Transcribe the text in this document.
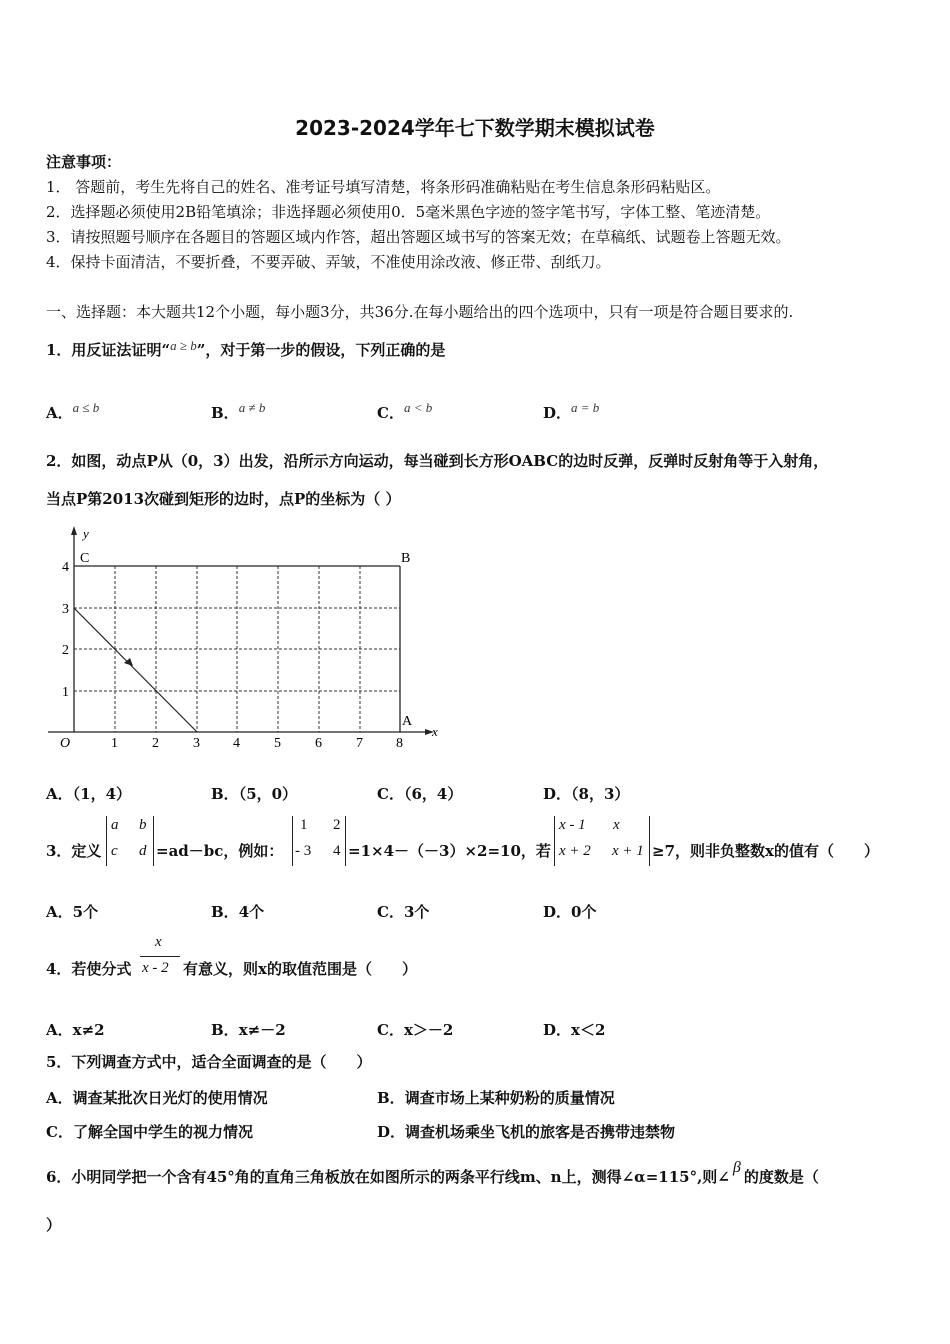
2023-2024学年七下数学期末模拟试卷
注意事项：
1． 答题前，考生先将自己的姓名、准考证号填写清楚，将条形码准确粘贴在考生信息条形码粘贴区。
2．选择题必须使用2B铅笔填涂；非选择题必须使用0．5毫米黑色字迹的签字笔书写，字体工整、笔迹清楚。
3．请按照题号顺序在各题目的答题区域内作答，超出答题区域书写的答案无效；在草稿纸、试题卷上答题无效。
4．保持卡面清洁，不要折叠，不要弄破、弄皱，不准使用涂改液、修正带、刮纸刀。
一、选择题：本大题共12个小题，每小题3分，共36分.在每小题给出的四个选项中，只有一项是符合题目要求的.
1．用反证法证明“a ≥ b”，对于第一步的假设，下列正确的是
A．a ≤ b	B．a ≠ b	C．a < b	D．a = b
2．如图，动点P从（0，3）出发，沿所示方向运动，每当碰到长方形OABC的边时反弹，反弹时反射角等于入射角，
当点P第2013次碰到矩形的边时，点P的坐标为（ ）
y
x
O
C	B
A
1 2 3 4 5 6 7 8
1
2
3
4
A．（1，4）	B．（5，0）	C．（6，4）	D．（8，3）
3．定义
a b
c d =ad－bc，例如：
1 2
- 3 4 =1×4－（－3）×2=10，若
x - 1 x
x + 2 x + 1 ≥7，则非负整数x的值有（　　）
A．5个	B．4个	C．3个	D．0个
4．若使分式
x
x - 2 有意义，则x的取值范围是（　　）
A．x≠2	B．x≠－2	C．x＞－2	D．x＜2
5．下列调查方式中，适合全面调查的是（　　）
A．调查某批次日光灯的使用情况	B．调查市场上某种奶粉的质量情况
C．了解全国中学生的视力情况	D．调查机场乘坐飞机的旅客是否携带违禁物
6．小明同学把一个含有45°角的直角三角板放在如图所示的两条平行线m、n上，测得∠α=115°,则∠β的度数是（
）
